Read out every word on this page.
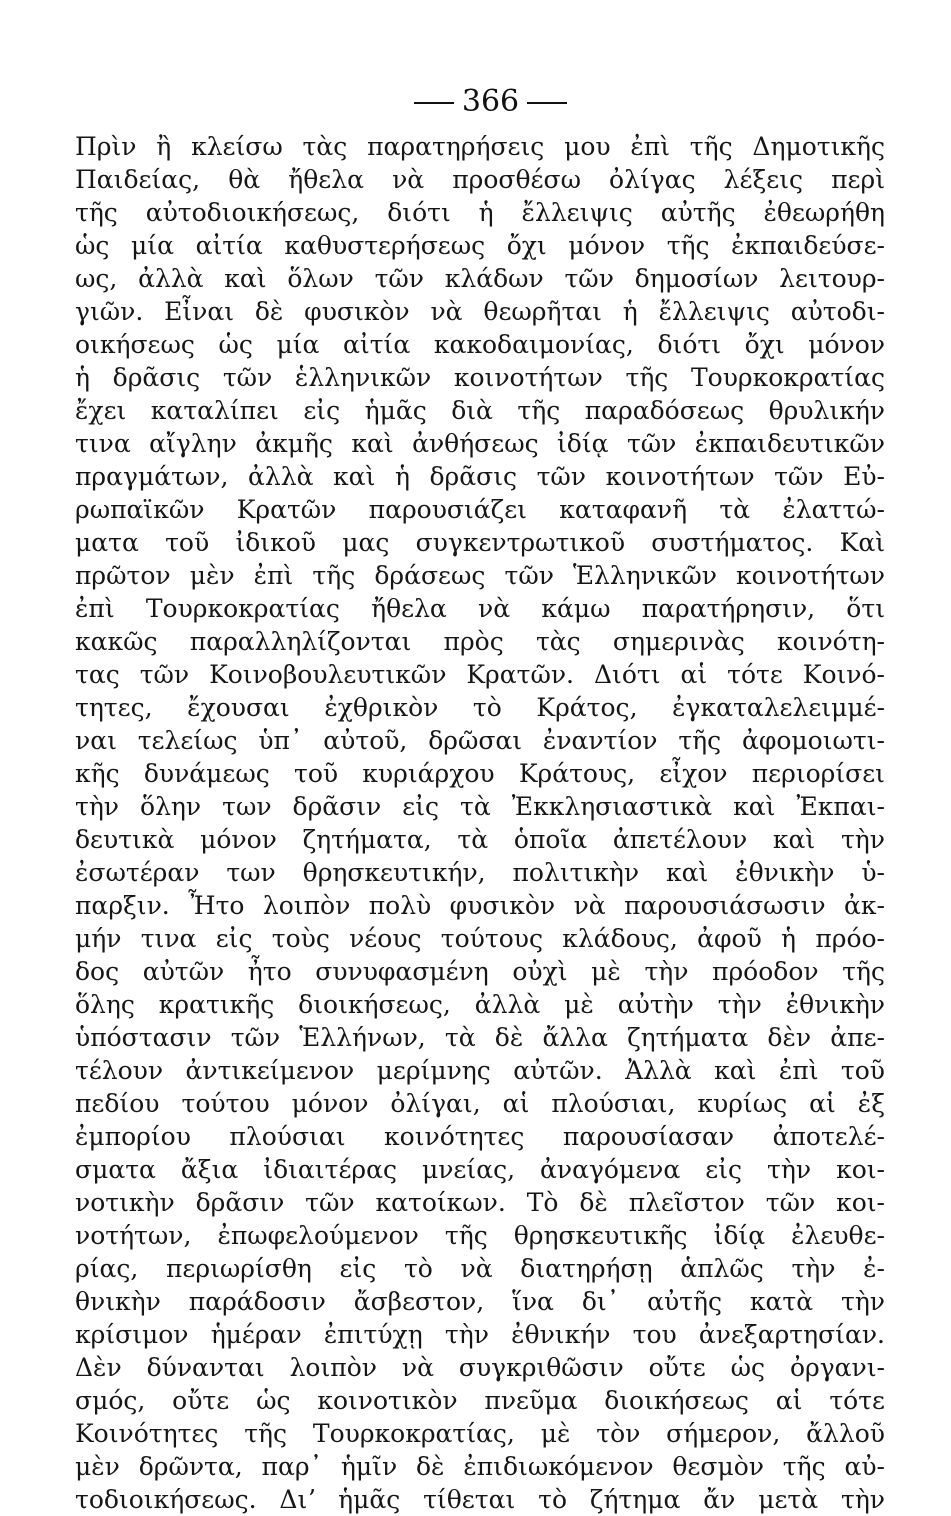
366
Πρὶν ἢ κλείσω τὰς παρατηρήσεις μου ἐπὶ τῆς Δημοτικῆς
Παιδείας, θὰ ἤθελα νὰ προσθέσω ὀλίγας λέξεις περὶ
τῆς αὐτοδιοικήσεως, διότι ἡ ἔλλειψις αὐτῆς ἐθεωρήθη
ὡς μία αἰτία καθυστερήσεως ὄχι μόνον τῆς ἐκπαιδεύσε-
ως, ἀλλὰ καὶ ὅλων τῶν κλάδων τῶν δημοσίων λειτουρ-
γιῶν. Εἶναι δὲ φυσικὸν νὰ θεωρῆται ἡ ἔλλειψις αὐτοδι-
οικήσεως ὡς μία αἰτία κακοδαιμονίας, διότι ὄχι μόνον
ἡ δρᾶσις τῶν ἑλληνικῶν κοινοτήτων τῆς Τουρκοκρατίας
ἔχει καταλίπει εἰς ἡμᾶς διὰ τῆς παραδόσεως θρυλικήν
τινα αἴγλην ἀκμῆς καὶ ἀνθήσεως ἰδίᾳ τῶν ἐκπαιδευτικῶν
πραγμάτων, ἀλλὰ καὶ ἡ δρᾶσις τῶν κοινοτήτων τῶν Εὐ-
ρωπαϊκῶν Κρατῶν παρουσιάζει καταφανῆ τὰ ἐλαττώ-
ματα τοῦ ἰδικοῦ μας συγκεντρωτικοῦ συστήματος. Καὶ
πρῶτον μὲν ἐπὶ τῆς δράσεως τῶν Ἑλληνικῶν κοινοτήτων
ἐπὶ Τουρκοκρατίας ἤθελα νὰ κάμω παρατήρησιν, ὅτι
κακῶς παραλληλίζονται πρὸς τὰς σημερινὰς κοινότη-
τας τῶν Κοινοβουλευτικῶν Κρατῶν. Διότι αἱ τότε Κοινό-
τητες, ἔχουσαι ἐχθρικὸν τὸ Κράτος, ἐγκαταλελειμμέ-
ναι τελείως ὑπ᾿ αὐτοῦ, δρῶσαι ἐναντίον τῆς ἀφομοιωτι-
κῆς δυνάμεως τοῦ κυριάρχου Κράτους, εἶχον περιορίσει
τὴν ὅλην των δρᾶσιν εἰς τὰ Ἐκκλησιαστικὰ καὶ Ἐκπαι-
δευτικὰ μόνον ζητήματα, τὰ ὁποῖα ἀπετέλουν καὶ τὴν
ἐσωτέραν των θρησκευτικήν, πολιτικὴν καὶ ἐθνικὴν ὑ-
παρξιν. Ἦτο λοιπὸν πολὺ φυσικὸν νὰ παρουσιάσωσιν ἀκ-
μήν τινα εἰς τοὺς νέους τούτους κλάδους, ἀφοῦ ἡ πρόο-
δος αὐτῶν ἦτο συνυφασμένη οὐχὶ μὲ τὴν πρόοδον τῆς
ὅλης κρατικῆς διοικήσεως, ἀλλὰ μὲ αὐτὴν τὴν ἐθνικὴν
ὑπόστασιν τῶν Ἑλλήνων, τὰ δὲ ἄλλα ζητήματα δὲν ἀπε-
τέλουν ἀντικείμενον μερίμνης αὐτῶν. Ἀλλὰ καὶ ἐπὶ τοῦ
πεδίου τούτου μόνον ὀλίγαι, αἱ πλούσιαι, κυρίως αἱ ἐξ
ἐμπορίου πλούσιαι κοινότητες παρουσίασαν ἀποτελέ-
σματα ἄξια ἰδιαιτέρας μνείας, ἀναγόμενα εἰς τὴν κοι-
νοτικὴν δρᾶσιν τῶν κατοίκων. Τὸ δὲ πλεῖστον τῶν κοι-
νοτήτων, ἐπωφελούμενον τῆς θρησκευτικῆς ἰδίᾳ ἐλευθε-
ρίας, περιωρίσθη εἰς τὸ νὰ διατηρήσῃ ἁπλῶς τὴν ἐ-
θνικὴν παράδοσιν ἄσβεστον, ἵνα δι᾿ αὐτῆς κατὰ τὴν
κρίσιμον ἡμέραν ἐπιτύχῃ τὴν ἐθνικήν του ἀνεξαρτησίαν.
Δὲν δύνανται λοιπὸν νὰ συγκριθῶσιν οὔτε ὡς ὀργανι-
σμός, οὔτε ὡς κοινοτικὸν πνεῦμα διοικήσεως αἱ τότε
Κοινότητες τῆς Τουρκοκρατίας, μὲ τὸν σήμερον, ἄλλοῦ
μὲν δρῶντα, παρ᾿ ἡμῖν δὲ ἐπιδιωκόμενον θεσμὸν τῆς αὐ-
τοδιοικήσεως. Διʼ ἡμᾶς τίθεται τὸ ζήτημα ἄν μετὰ τὴν
